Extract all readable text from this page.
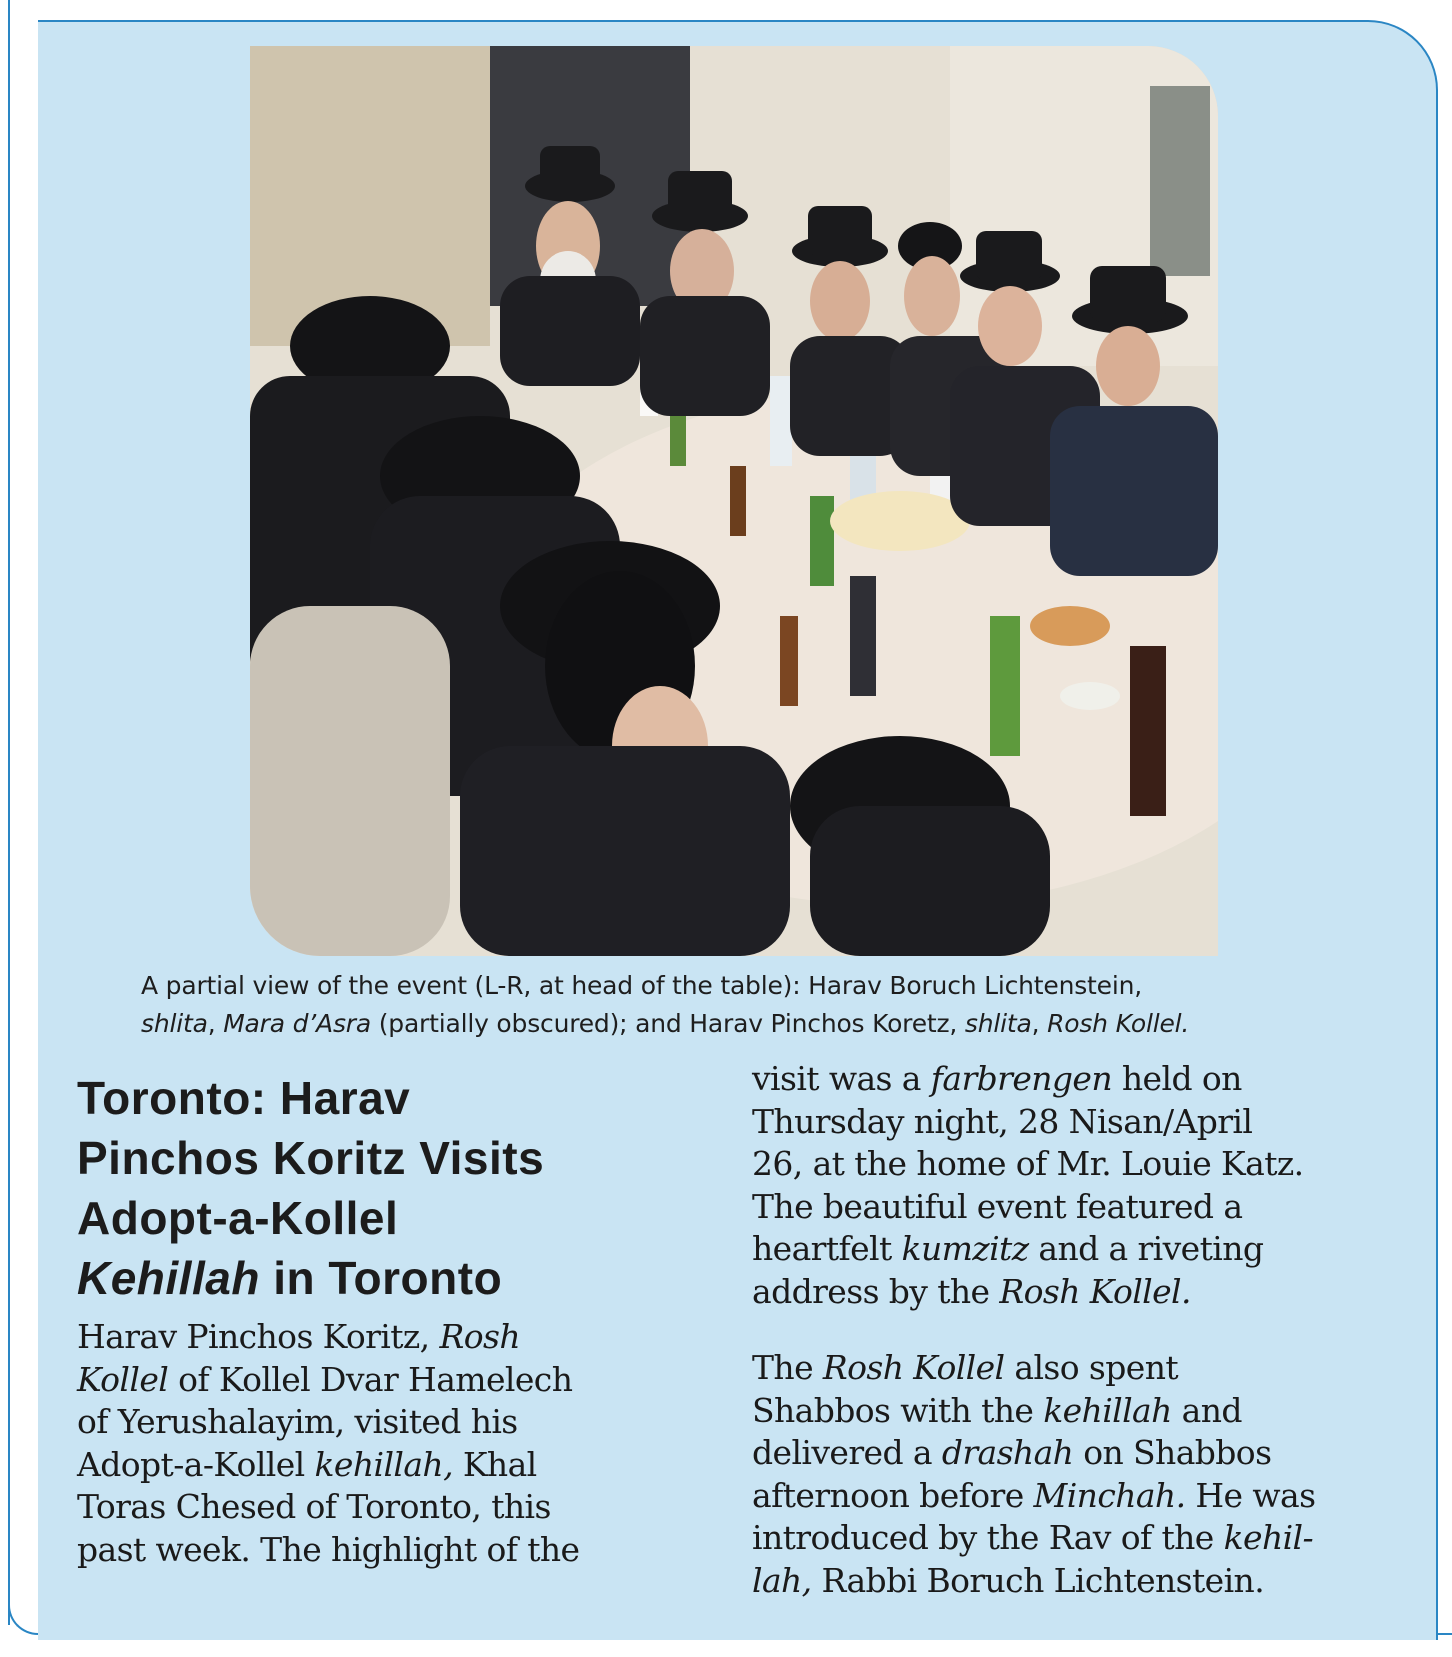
A partial view of the event (L-R, at head of the table): Harav Boruch Lichtenstein,
shlita, Mara d’Asra (partially obscured); and Harav Pinchos Koretz, shlita, Rosh Kollel.
Toronto: Harav
Pinchos Koritz Visits
Adopt-a-Kollel
Kehillah in Toronto
Harav Pinchos Koritz, Rosh
Kollel of Kollel Dvar Hamelech
of Yerushalayim, visited his
Adopt-a-Kollel kehillah, Khal
Toras Chesed of Toronto, this
past week. The highlight of the
visit was a farbrengen held on
Thursday night, 28 Nisan/April
26, at the home of Mr. Louie Katz.
The beautiful event featured a
heartfelt kumzitz and a riveting
address by the Rosh Kollel.
The Rosh Kollel also spent
Shabbos with the kehillah and
delivered a drashah on Shabbos
afternoon before Minchah. He was
introduced by the Rav of the kehil-
lah, Rabbi Boruch Lichtenstein.
